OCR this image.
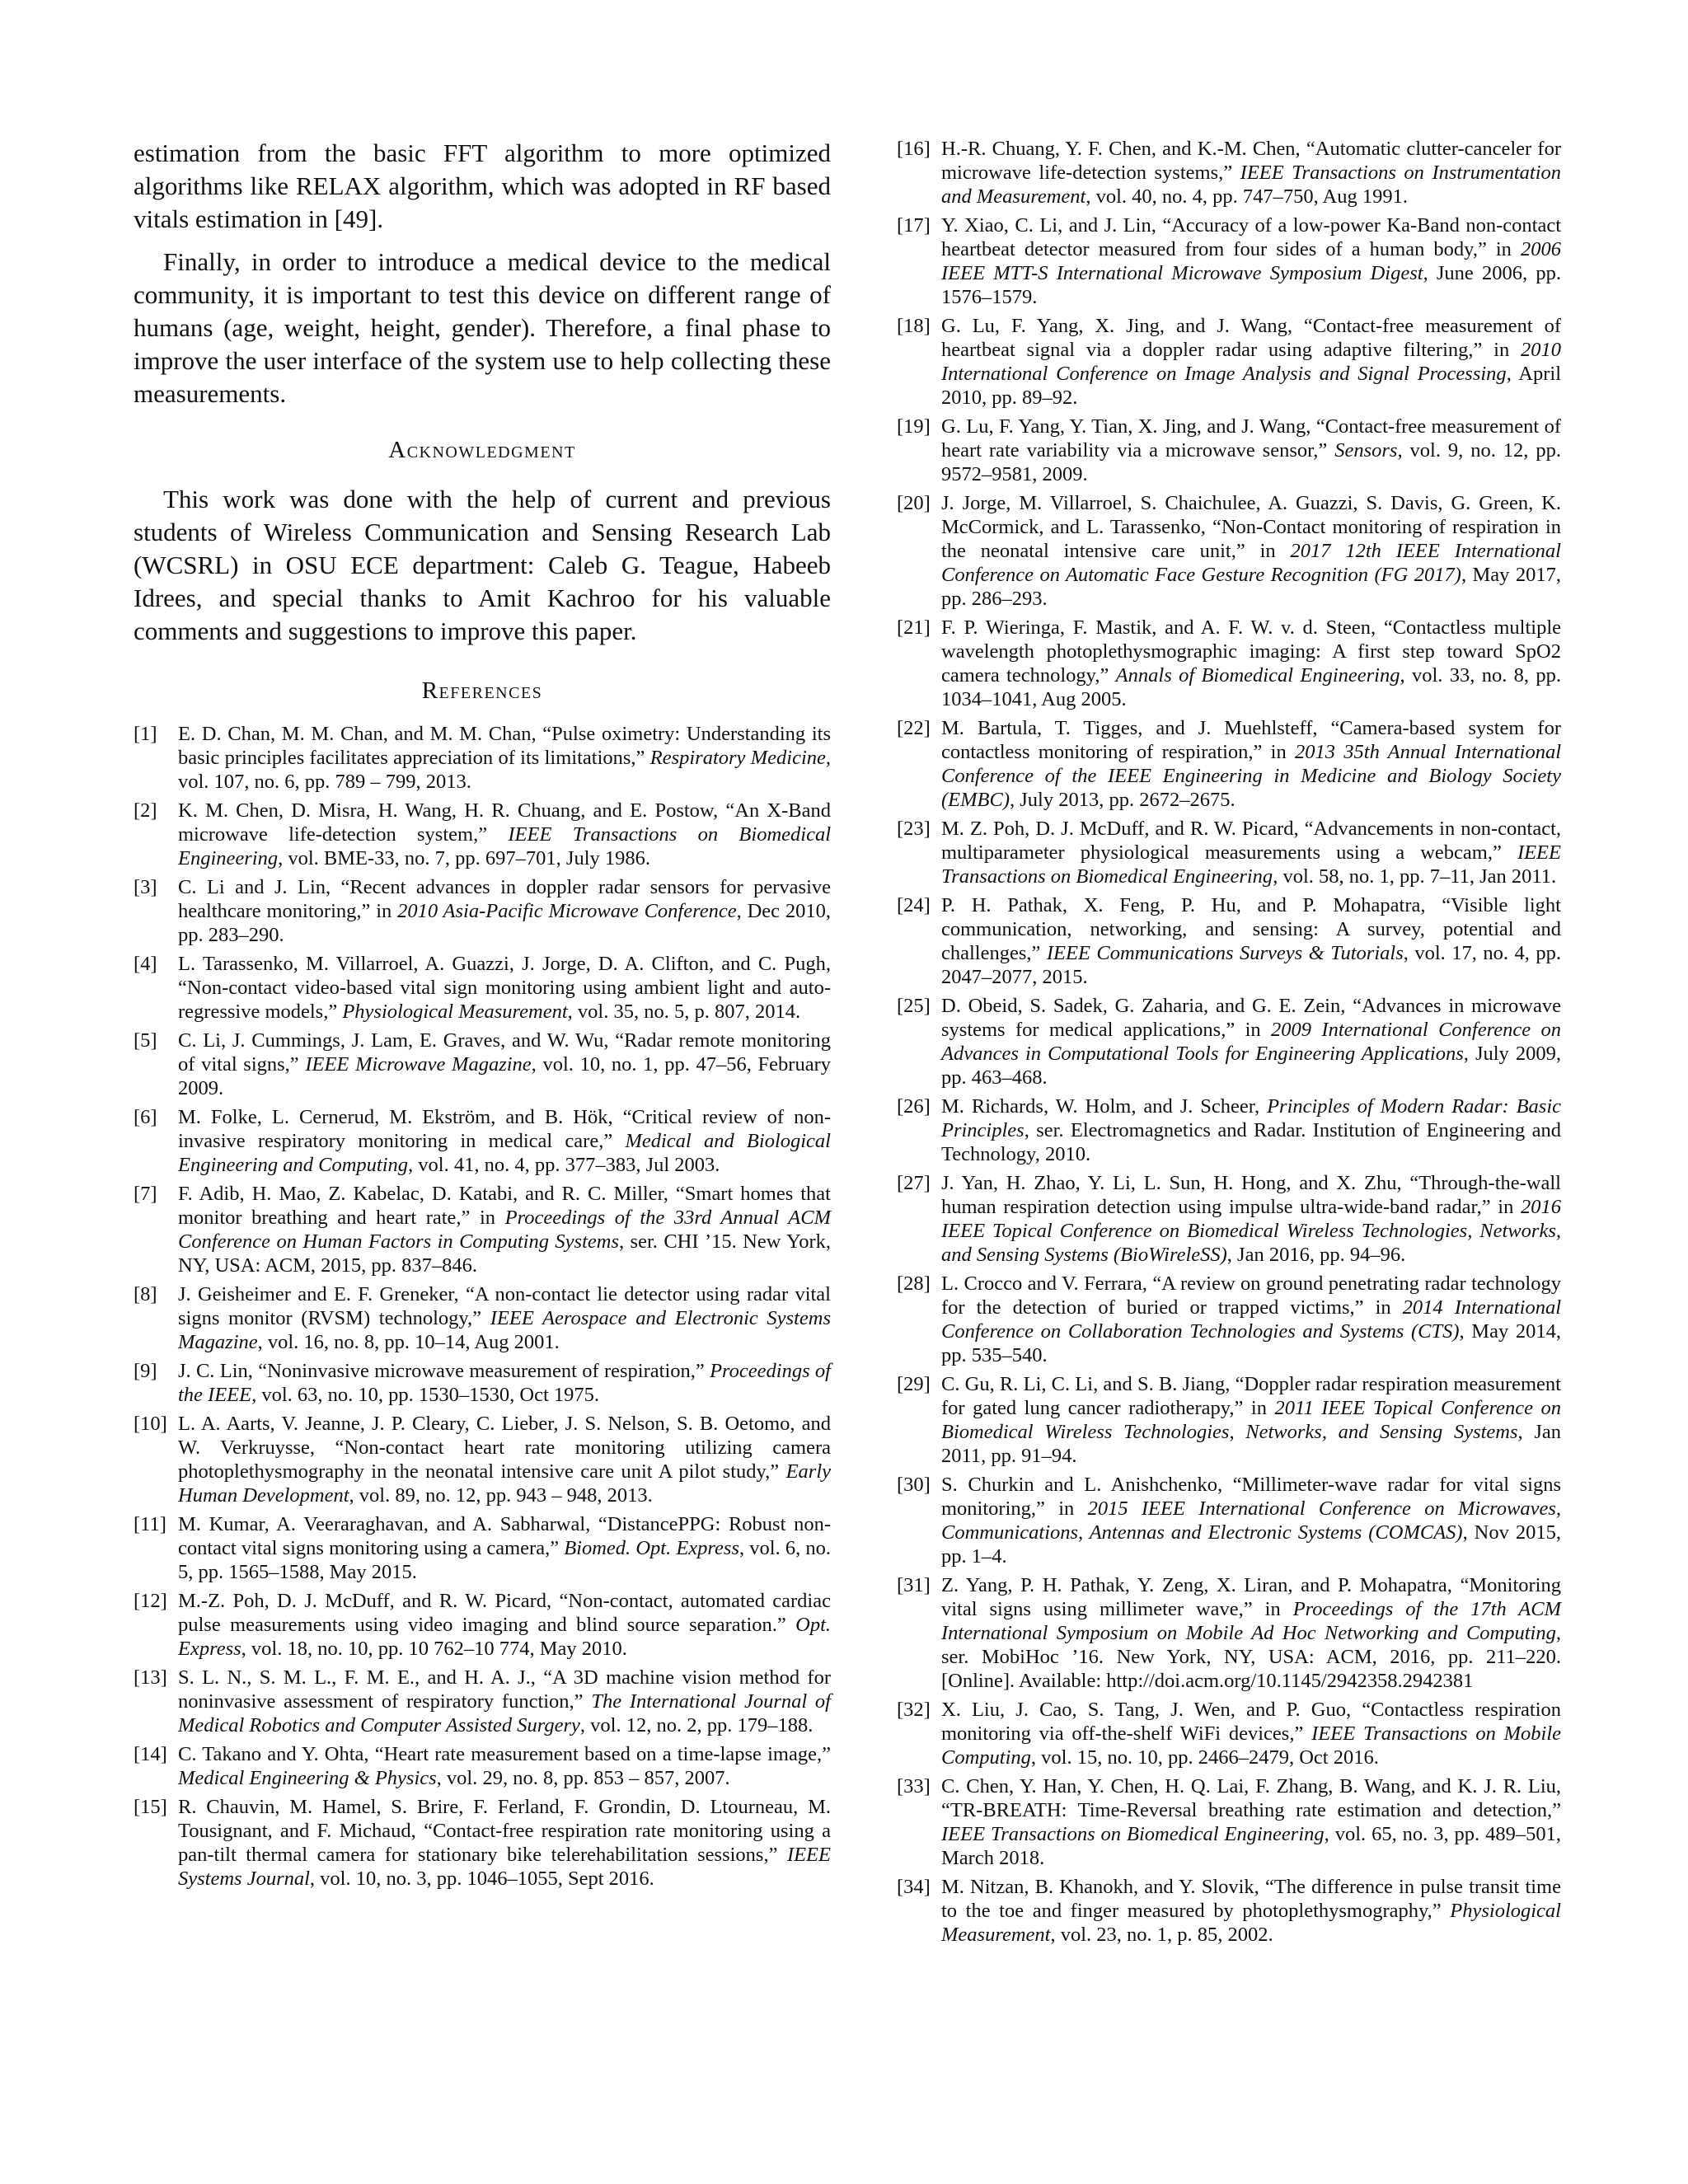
estimation from the basic FFT algorithm to more optimized algorithms like RELAX algorithm, which was adopted in RF based vitals estimation in [49].

Finally, in order to introduce a medical device to the medical community, it is important to test this device on different range of humans (age, weight, height, gender). Therefore, a final phase to improve the user interface of the system use to help collecting these measurements.

Acknowledgment

This work was done with the help of current and previous students of Wireless Communication and Sensing Research Lab (WCSRL) in OSU ECE department: Caleb G. Teague, Habeeb Idrees, and special thanks to Amit Kachroo for his valuable comments and suggestions to improve this paper.

References
[1]	E. D. Chan, M. M. Chan, and M. M. Chan, “Pulse oximetry: Understanding its basic principles facilitates appreciation of its limitations,” Respiratory Medicine, vol. 107, no. 6, pp. 789 – 799, 2013.
[2]	K. M. Chen, D. Misra, H. Wang, H. R. Chuang, and E. Postow, “An X-Band microwave life-detection system,” IEEE Transactions on Biomedical Engineering, vol. BME-33, no. 7, pp. 697–701, July 1986.
[3]	C. Li and J. Lin, “Recent advances in doppler radar sensors for pervasive healthcare monitoring,” in 2010 Asia-Pacific Microwave Conference, Dec 2010, pp. 283–290.
[4]	L. Tarassenko, M. Villarroel, A. Guazzi, J. Jorge, D. A. Clifton, and C. Pugh, “Non-contact video-based vital sign monitoring using ambient light and auto-regressive models,” Physiological Measurement, vol. 35, no. 5, p. 807, 2014.
[5]	C. Li, J. Cummings, J. Lam, E. Graves, and W. Wu, “Radar remote monitoring of vital signs,” IEEE Microwave Magazine, vol. 10, no. 1, pp. 47–56, February 2009.
[6]	M. Folke, L. Cernerud, M. Ekström, and B. Hök, “Critical review of non-invasive respiratory monitoring in medical care,” Medical and Biological Engineering and Computing, vol. 41, no. 4, pp. 377–383, Jul 2003.
[7]	F. Adib, H. Mao, Z. Kabelac, D. Katabi, and R. C. Miller, “Smart homes that monitor breathing and heart rate,” in Proceedings of the 33rd Annual ACM Conference on Human Factors in Computing Systems, ser. CHI ’15. New York, NY, USA: ACM, 2015, pp. 837–846.
[8]	J. Geisheimer and E. F. Greneker, “A non-contact lie detector using radar vital signs monitor (RVSM) technology,” IEEE Aerospace and Electronic Systems Magazine, vol. 16, no. 8, pp. 10–14, Aug 2001.
[9]	J. C. Lin, “Noninvasive microwave measurement of respiration,” Proceedings of the IEEE, vol. 63, no. 10, pp. 1530–1530, Oct 1975.
[10] L. A. Aarts, V. Jeanne, J. P. Cleary, C. Lieber, J. S. Nelson, S. B. Oetomo, and W. Verkruysse, “Non-contact heart rate monitoring utilizing camera photoplethysmography in the neonatal intensive care unit A pilot study,” Early Human Development, vol. 89, no. 12, pp. 943 – 948, 2013.
[11] M. Kumar, A. Veeraraghavan, and A. Sabharwal, “DistancePPG: Robust non-contact vital signs monitoring using a camera,” Biomed. Opt. Express, vol. 6, no. 5, pp. 1565–1588, May 2015.
[12] M.-Z. Poh, D. J. McDuff, and R. W. Picard, “Non-contact, automated cardiac pulse measurements using video imaging and blind source separation.” Opt. Express, vol. 18, no. 10, pp. 10 762–10 774, May 2010.
[13] S. L. N., S. M. L., F. M. E., and H. A. J., “A 3D machine vision method for noninvasive assessment of respiratory function,” The International Journal of Medical Robotics and Computer Assisted Surgery, vol. 12, no. 2, pp. 179–188.
[14] C. Takano and Y. Ohta, “Heart rate measurement based on a time-lapse image,” Medical Engineering & Physics, vol. 29, no. 8, pp. 853 – 857, 2007.
[15] R. Chauvin, M. Hamel, S. Brire, F. Ferland, F. Grondin, D. Ltourneau, M. Tousignant, and F. Michaud, “Contact-free respiration rate monitoring using a pan-tilt thermal camera for stationary bike telerehabilitation sessions,” IEEE Systems Journal, vol. 10, no. 3, pp. 1046–1055, Sept 2016.
[16] H.-R. Chuang, Y. F. Chen, and K.-M. Chen, “Automatic clutter-canceler for microwave life-detection systems,” IEEE Transactions on Instrumentation and Measurement, vol. 40, no. 4, pp. 747–750, Aug 1991.
[17] Y. Xiao, C. Li, and J. Lin, “Accuracy of a low-power Ka-Band non-contact heartbeat detector measured from four sides of a human body,” in 2006 IEEE MTT-S International Microwave Symposium Digest, June 2006, pp. 1576–1579.
[18] G. Lu, F. Yang, X. Jing, and J. Wang, “Contact-free measurement of heartbeat signal via a doppler radar using adaptive filtering,” in 2010 International Conference on Image Analysis and Signal Processing, April 2010, pp. 89–92.
[19] G. Lu, F. Yang, Y. Tian, X. Jing, and J. Wang, “Contact-free measurement of heart rate variability via a microwave sensor,” Sensors, vol. 9, no. 12, pp. 9572–9581, 2009.
[20] J. Jorge, M. Villarroel, S. Chaichulee, A. Guazzi, S. Davis, G. Green, K. McCormick, and L. Tarassenko, “Non-Contact monitoring of respiration in the neonatal intensive care unit,” in 2017 12th IEEE International Conference on Automatic Face Gesture Recognition (FG 2017), May 2017, pp. 286–293.
[21] F. P. Wieringa, F. Mastik, and A. F. W. v. d. Steen, “Contactless multiple wavelength photoplethysmographic imaging: A first step toward SpO2 camera technology,” Annals of Biomedical Engineering, vol. 33, no. 8, pp. 1034–1041, Aug 2005.
[22] M. Bartula, T. Tigges, and J. Muehlsteff, “Camera-based system for contactless monitoring of respiration,” in 2013 35th Annual International Conference of the IEEE Engineering in Medicine and Biology Society (EMBC), July 2013, pp. 2672–2675.
[23] M. Z. Poh, D. J. McDuff, and R. W. Picard, “Advancements in non-contact, multiparameter physiological measurements using a webcam,” IEEE Transactions on Biomedical Engineering, vol. 58, no. 1, pp. 7–11, Jan 2011.
[24] P. H. Pathak, X. Feng, P. Hu, and P. Mohapatra, “Visible light communication, networking, and sensing: A survey, potential and challenges,” IEEE Communications Surveys & Tutorials, vol. 17, no. 4, pp. 2047–2077, 2015.
[25] D. Obeid, S. Sadek, G. Zaharia, and G. E. Zein, “Advances in microwave systems for medical applications,” in 2009 International Conference on Advances in Computational Tools for Engineering Applications, July 2009, pp. 463–468.
[26] M. Richards, W. Holm, and J. Scheer, Principles of Modern Radar: Basic Principles, ser. Electromagnetics and Radar. Institution of Engineering and Technology, 2010.
[27] J. Yan, H. Zhao, Y. Li, L. Sun, H. Hong, and X. Zhu, “Through-the-wall human respiration detection using impulse ultra-wide-band radar,” in 2016 IEEE Topical Conference on Biomedical Wireless Technologies, Networks, and Sensing Systems (BioWireleSS), Jan 2016, pp. 94–96.
[28] L. Crocco and V. Ferrara, “A review on ground penetrating radar technology for the detection of buried or trapped victims,” in 2014 International Conference on Collaboration Technologies and Systems (CTS), May 2014, pp. 535–540.
[29] C. Gu, R. Li, C. Li, and S. B. Jiang, “Doppler radar respiration measurement for gated lung cancer radiotherapy,” in 2011 IEEE Topical Conference on Biomedical Wireless Technologies, Networks, and Sensing Systems, Jan 2011, pp. 91–94.
[30] S. Churkin and L. Anishchenko, “Millimeter-wave radar for vital signs monitoring,” in 2015 IEEE International Conference on Microwaves, Communications, Antennas and Electronic Systems (COMCAS), Nov 2015, pp. 1–4.
[31] Z. Yang, P. H. Pathak, Y. Zeng, X. Liran, and P. Mohapatra, “Monitoring vital signs using millimeter wave,” in Proceedings of the 17th ACM International Symposium on Mobile Ad Hoc Networking and Computing, ser. MobiHoc ’16. New York, NY, USA: ACM, 2016, pp. 211–220. [Online]. Available: http://doi.acm.org/10.1145/2942358.2942381
[32] X. Liu, J. Cao, S. Tang, J. Wen, and P. Guo, “Contactless respiration monitoring via off-the-shelf WiFi devices,” IEEE Transactions on Mobile Computing, vol. 15, no. 10, pp. 2466–2479, Oct 2016.
[33] C. Chen, Y. Han, Y. Chen, H. Q. Lai, F. Zhang, B. Wang, and K. J. R. Liu, “TR-BREATH: Time-Reversal breathing rate estimation and detection,” IEEE Transactions on Biomedical Engineering, vol. 65, no. 3, pp. 489–501, March 2018.
[34] M. Nitzan, B. Khanokh, and Y. Slovik, “The difference in pulse transit time to the toe and finger measured by photoplethysmography,” Physiological Measurement, vol. 23, no. 1, p. 85, 2002.
